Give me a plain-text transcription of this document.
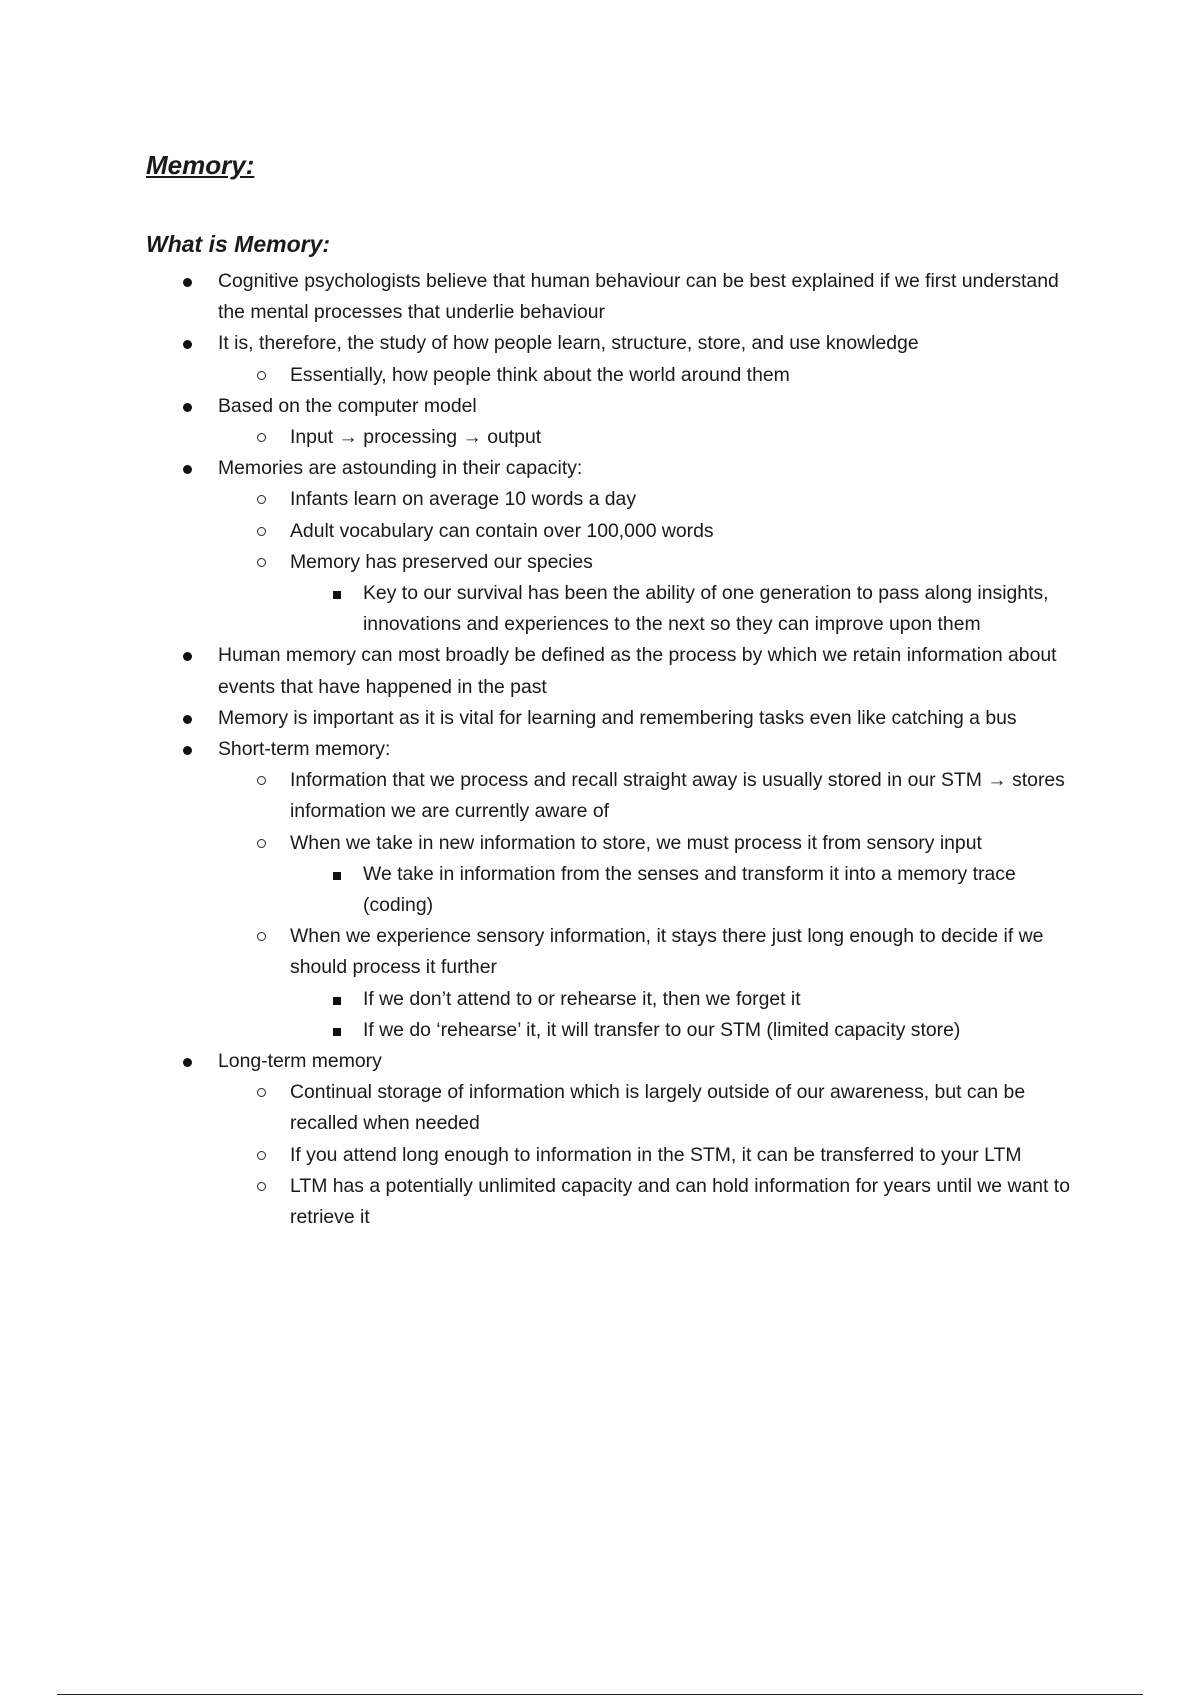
Memory:
What is Memory:
Cognitive psychologists believe that human behaviour can be best explained if we first understand the mental processes that underlie behaviour
It is, therefore, the study of how people learn, structure, store, and use knowledge
Essentially, how people think about the world around them
Based on the computer model
Input → processing → output
Memories are astounding in their capacity:
Infants learn on average 10 words a day
Adult vocabulary can contain over 100,000 words
Memory has preserved our species
Key to our survival has been the ability of one generation to pass along insights, innovations and experiences to the next so they can improve upon them
Human memory can most broadly be defined as the process by which we retain information about events that have happened in the past
Memory is important as it is vital for learning and remembering tasks even like catching a bus
Short-term memory:
Information that we process and recall straight away is usually stored in our STM → stores information we are currently aware of
When we take in new information to store, we must process it from sensory input
We take in information from the senses and transform it into a memory trace (coding)
When we experience sensory information, it stays there just long enough to decide if we should process it further
If we don’t attend to or rehearse it, then we forget it
If we do ‘rehearse’ it, it will transfer to our STM (limited capacity store)
Long-term memory
Continual storage of information which is largely outside of our awareness, but can be recalled when needed
If you attend long enough to information in the STM, it can be transferred to your LTM
LTM has a potentially unlimited capacity and can hold information for years until we want to retrieve it
